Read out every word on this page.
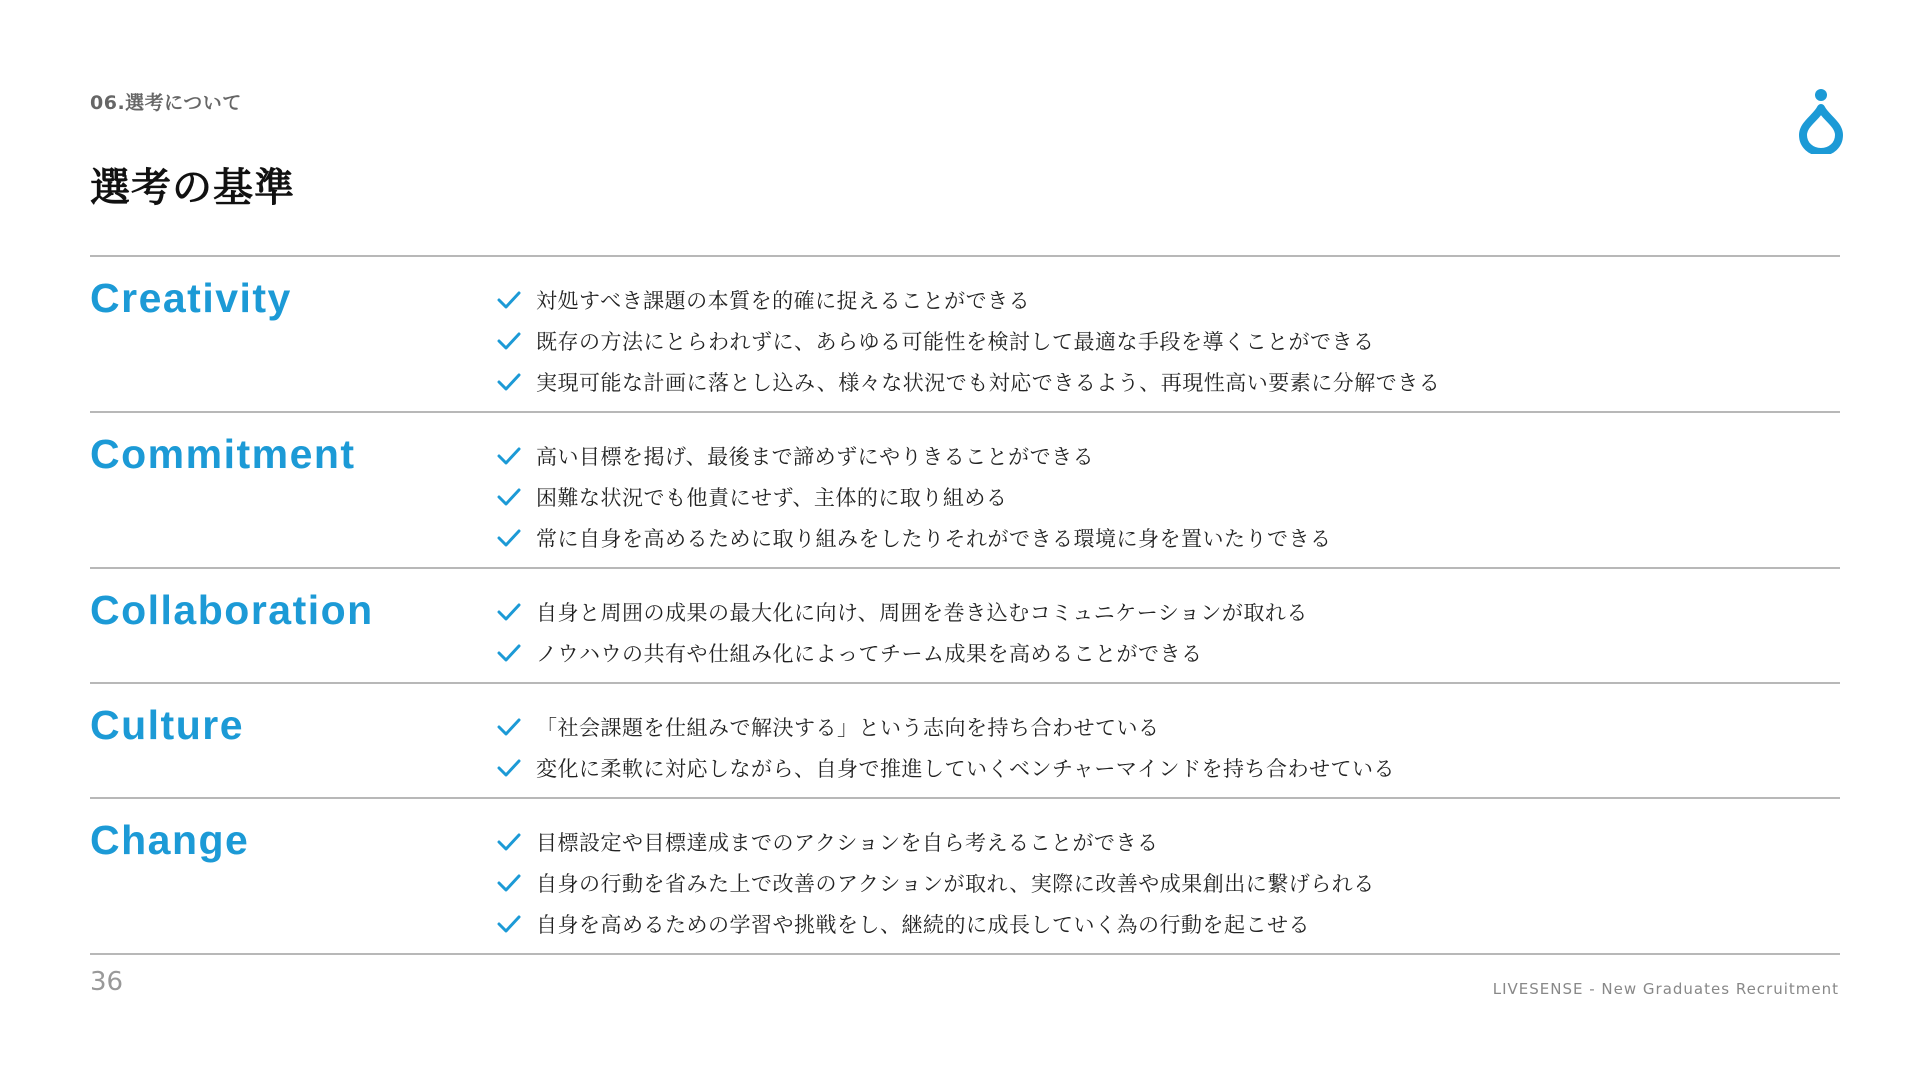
06.選考について
選考の基準
Creativity	対処すべき課題の本質を的確に捉えることができる
既存の方法にとらわれずに、あらゆる可能性を検討して最適な手段を導くことができる
実現可能な計画に落とし込み、様々な状況でも対応できるよう、再現性高い要素に分解できる
Commitment	高い目標を掲げ、最後まで諦めずにやりきることができる
困難な状況でも他責にせず、主体的に取り組める
常に自身を高めるために取り組みをしたりそれができる環境に身を置いたりできる
Collaboration	自身と周囲の成果の最大化に向け、周囲を巻き込むコミュニケーションが取れる
ノウハウの共有や仕組み化によってチーム成果を高めることができる
Culture	「社会課題を仕組みで解決する」という志向を持ち合わせている
変化に柔軟に対応しながら、自身で推進していくベンチャーマインドを持ち合わせている
Change	目標設定や目標達成までのアクションを自ら考えることができる
自身の行動を省みた上で改善のアクションが取れ、実際に改善や成果創出に繋げられる
自身を高めるための学習や挑戦をし、継続的に成長していく為の行動を起こせる
36	LIVESENSE - New Graduates Recruitment
